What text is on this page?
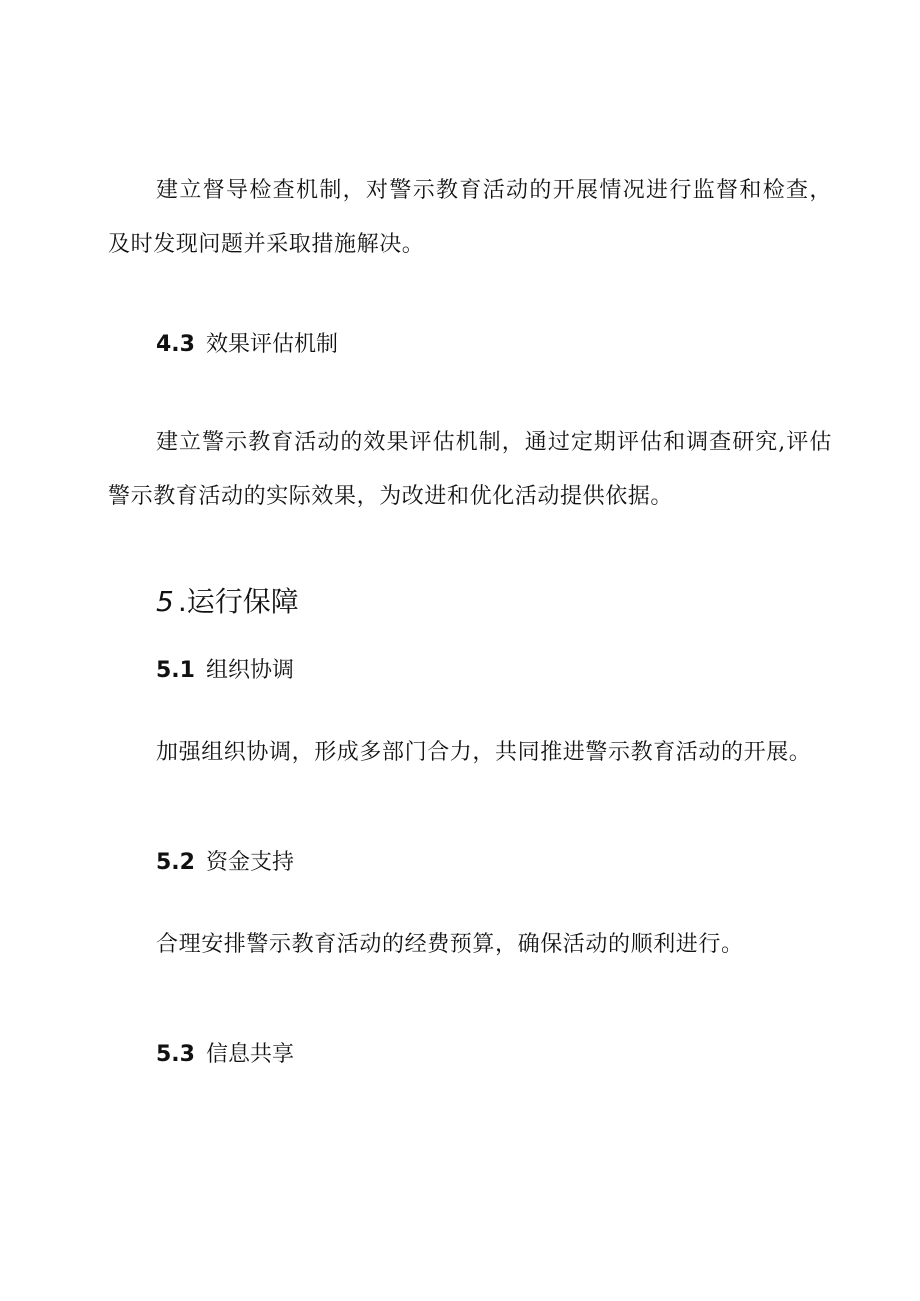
建立督导检查机制，对警示教育活动的开展情况进行监督和检查，及时发现问题并采取措施解决。

4.3 效果评估机制

建立警示教育活动的效果评估机制，通过定期评估和调查研究,评估警示教育活动的实际效果，为改进和优化活动提供依据。

5 .运行保障
5.1 组织协调

加强组织协调，形成多部门合力，共同推进警示教育活动的开展。

5.2 资金支持

合理安排警示教育活动的经费预算，确保活动的顺利进行。

5.3 信息共享
